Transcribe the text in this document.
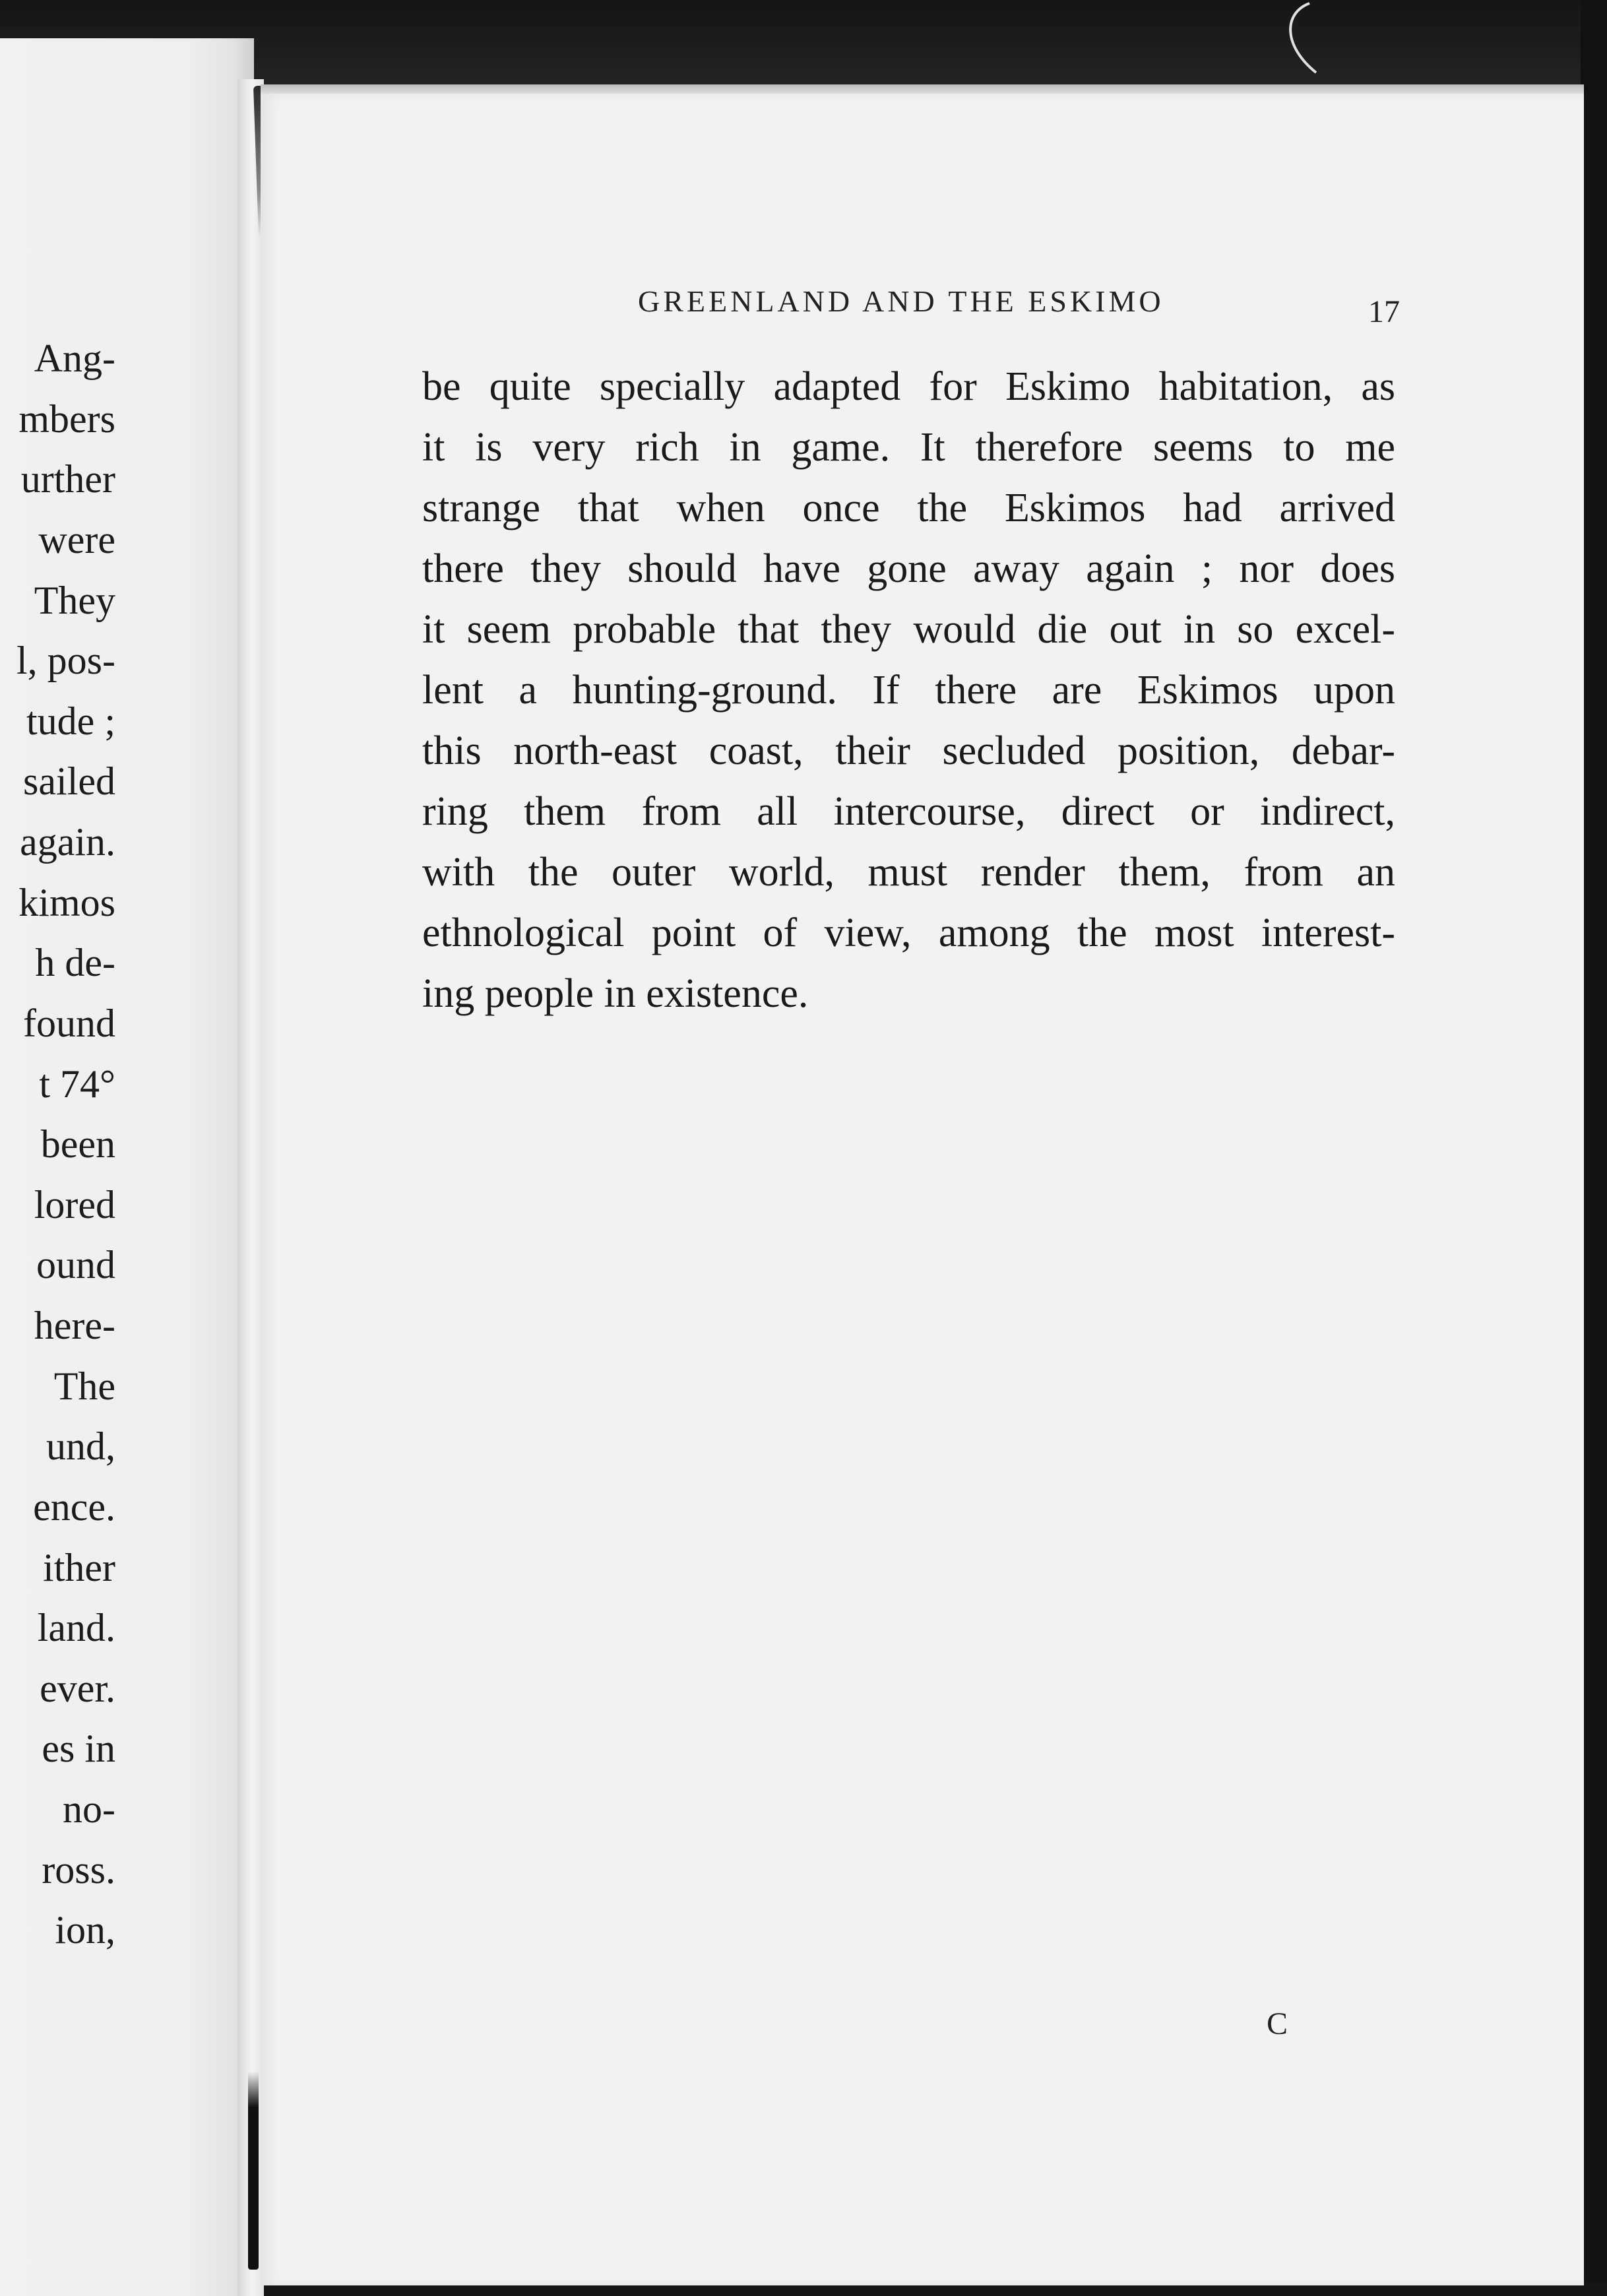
Ang-

mbers

urther

were

They

l, pos-

tude ;

sailed

again.

kimos

h de-

found

t 74°

been

lored

ound

here-

The

und,

ence.

ither

land.

ever.

es in

no-

ross.

ion,

GREENLAND AND THE ESKIMO	17

be quite specially adapted for Eskimo habitation, as
it is very rich in game. It therefore seems to me
strange that when once the Eskimos had arrived
there they should have gone away again ; nor does
it seem probable that they would die out in so excel-
lent a hunting-ground. If there are Eskimos upon
this north-east coast, their secluded position, debar-
ring them from all intercourse, direct or indirect,
with the outer world, must render them, from an
ethnological point of view, among the most interest-
ing people in existence.

C
